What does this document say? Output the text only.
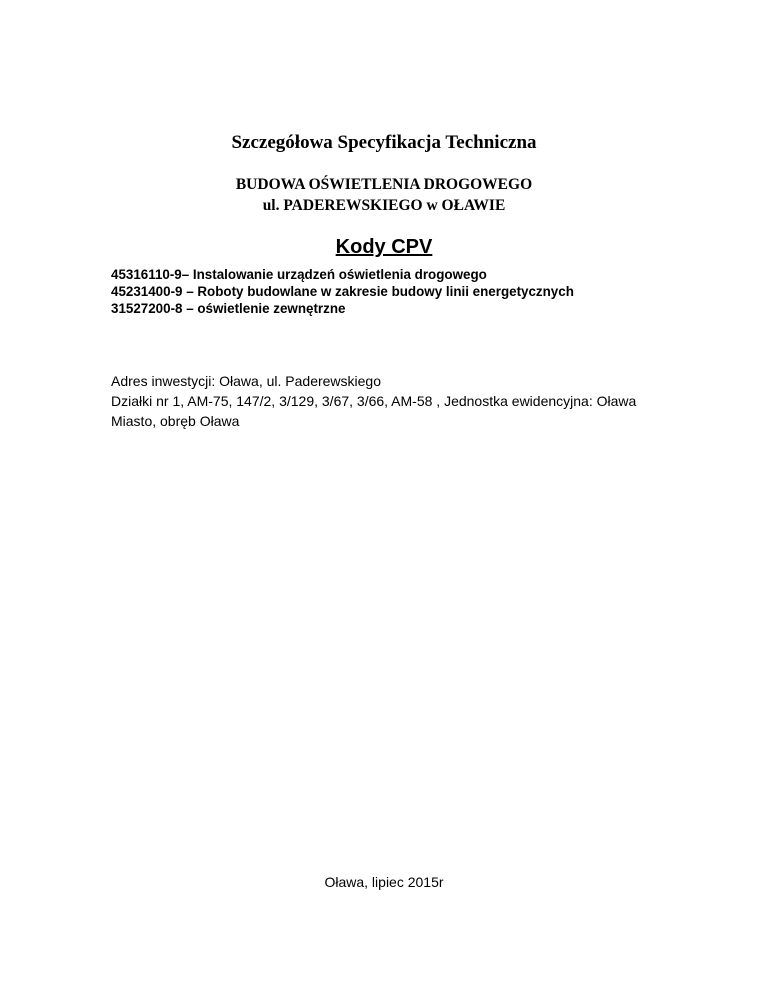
Szczegółowa Specyfikacja Techniczna
BUDOWA OŚWIETLENIA DROGOWEGO
ul. PADEREWSKIEGO w OŁAWIE
Kody CPV
45316110-9– Instalowanie urządzeń oświetlenia drogowego
45231400-9 – Roboty budowlane w zakresie budowy linii energetycznych
31527200-8 – oświetlenie zewnętrzne
Adres inwestycji: Oława, ul. Paderewskiego
Działki nr 1, AM-75, 147/2, 3/129, 3/67, 3/66, AM-58 , Jednostka ewidencyjna: Oława
Miasto, obręb Oława
Oława, lipiec 2015r
